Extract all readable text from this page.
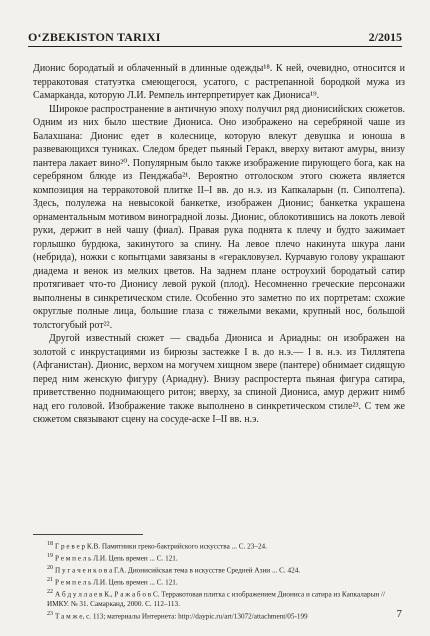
O‘ZBEKISTON TARIXI	2/2015

Дионис бородатый и облаченный в длинные одежды¹⁸. К ней, очевидно, относится и терракотовая статуэтка смеющегося, усатого, с растрепанной бородкой мужа из Самарканда, которую Л.И. Ремпель интерпретирует как Диониса¹⁹.

Широкое распространение в античную эпоху получил ряд дионисийских сюжетов. Одним из них было шествие Диониса. Оно изображено на серебряной чаше из Балахшана: Дионис едет в колеснице, которую влекут девушка и юноша в развевающихся туниках. Следом бредет пьяный Геракл, вверху витают амуры, внизу пантера лакает вино²⁰. Популярным было также изображение пирующего бога, как на серебряном блюде из Пенджаба²¹. Вероятно отголоском этого сюжета является композиция на терракотовой плитке II–I вв. до н.э. из Капкаларын (п. Сиполтепа). Здесь, полулежа на невысокой банкетке, изображен Дионис; банкетка украшена орнаментальным мотивом виноградной лозы. Дионис, облокотившись на локоть левой руки, держит в ней чашу (фиал). Правая рука поднята к плечу и будто зажимает горлышко бурдюка, закинутого за спину. На левое плечо накинута шкура лани (небрида), ножки с копытцами завязаны в «геракловузел. Курчавую голову украшают диадема и венок из мелких цветов. На заднем плане остроухий бородатый сатир протягивает что-то Дионису левой рукой (плод). Несомненно греческие персонажи выполнены в синкретическом стиле. Особенно это заметно по их портретам: схожие округлые полные лица, большие глаза с тяжелыми веками, крупный нос, большой толстогубый рот²².

Другой известный сюжет — свадьба Диониса и Ариадны: он изображен на золотой с инкрустациями из бирюзы застежке I в. до н.э.— I в. н.э. из Тиллятепа (Афганистан). Дионис, верхом на могучем хищном звере (пантере) обнимает сидящую перед ним женскую фигуру (Ариадну). Внизу распростерта пьяная фигура сатира, приветственно поднимающего ритон; вверху, за спиной Диониса, амур держит нимб над его головой. Изображение также выполнено в синкретическом стиле²³. С тем же сюжетом связывают сцену на сосуде-аске I–II вв. н.э.

$^{18}$ Г р е в е р К.В. Памятники греко-бактрийского искусства ... С. 23–24.

$^{19}$ Р е м п е л ь Л.И. Цепь времен ... С. 121.

$^{20}$ П у г а ч е н к о в а Г.А. Дионисийская тема в искусстве Средней Азии ... С. 424.

$^{21}$ Р е м п е л ь Л.И. Цепь времен ... С. 121.

$^{22}$ А б д у л л а е в К., Р а ж а б о в С. Терракотовая плитка с изображением Диониса и сатира из Капкаларын // ИМКУ. № 31. Самарканд, 2000. С. 112–113.

$^{23}$ Т а м ж е, с. 113; материалы Интернета: http://daypic.ru/art/13072/attachment/05-199	7
